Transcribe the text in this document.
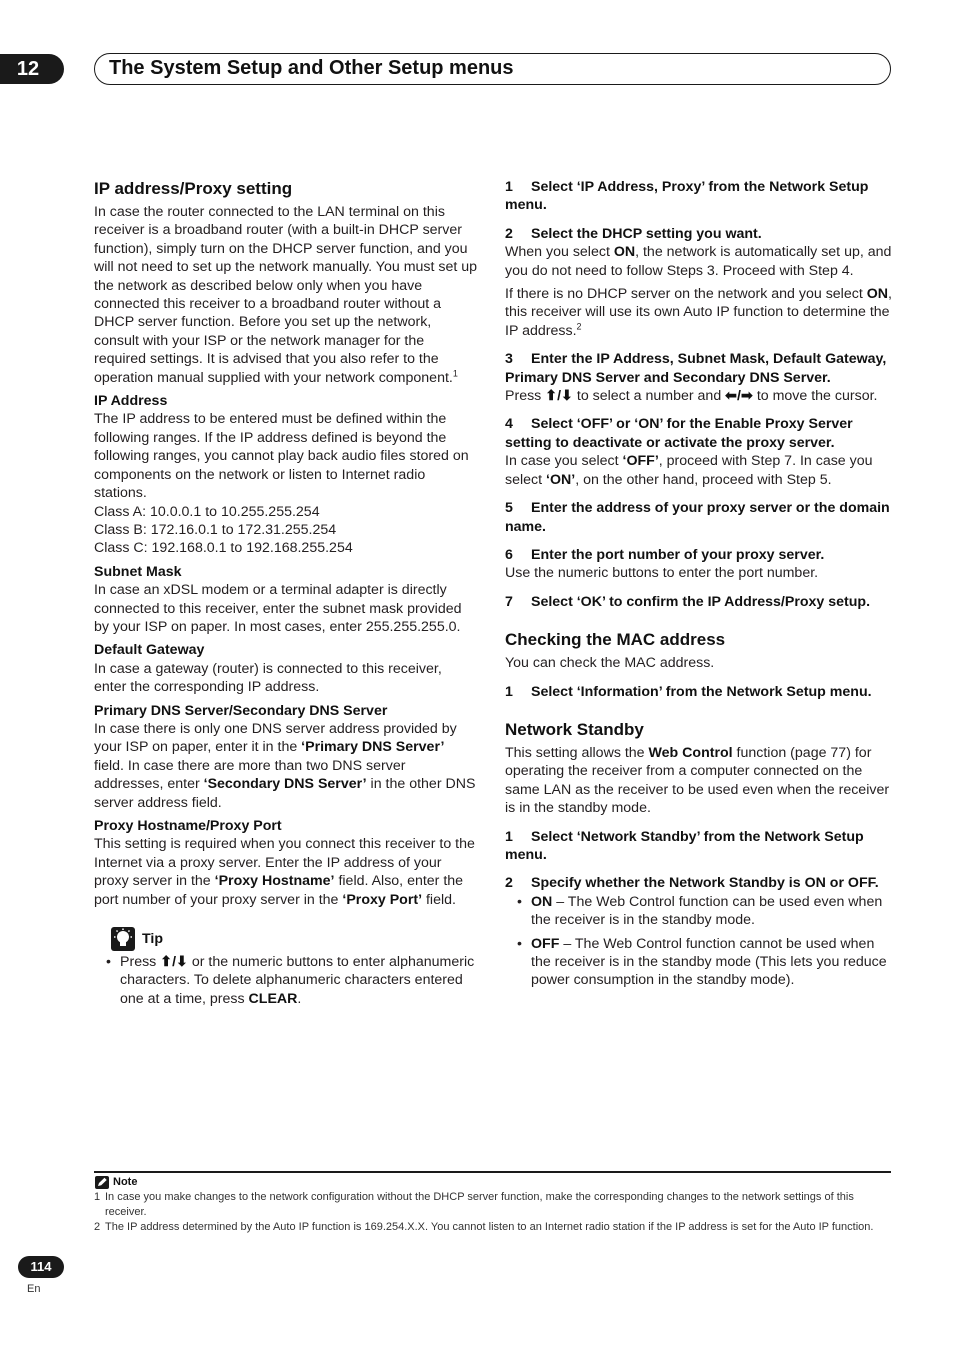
12	The System Setup and Other Setup menus
IP address/Proxy setting

In case the router connected to the LAN terminal on this receiver is a broadband router (with a built-in DHCP server function), simply turn on the DHCP server function, and you will not need to set up the network manually. You must set up the network as described below only when you have connected this receiver to a broadband router without a DHCP server function. Before you set up the network, consult with your ISP or the network manager for the required settings. It is advised that you also refer to the operation manual supplied with your network component.$^1$

IP Address

The IP address to be entered must be defined within the following ranges. If the IP address defined is beyond the following ranges, you cannot play back audio files stored on components on the network or listen to Internet radio stations.

Class A: 10.0.0.1 to 10.255.255.254

Class B: 172.16.0.1 to 172.31.255.254

Class C: 192.168.0.1 to 192.168.255.254

Subnet Mask

In case an xDSL modem or a terminal adapter is directly connected to this receiver, enter the subnet mask provided by your ISP on paper. In most cases, enter 255.255.255.0.

Default Gateway

In case a gateway (router) is connected to this receiver, enter the corresponding IP address.

Primary DNS Server/Secondary DNS Server

In case there is only one DNS server address provided by your ISP on paper, enter it in the ‘Primary DNS Server’ field. In case there are more than two DNS server addresses, enter ‘Secondary DNS Server’ in the other DNS server address field.

Proxy Hostname/Proxy Port

This setting is required when you connect this receiver to the Internet via a proxy server. Enter the IP address of your proxy server in the ‘Proxy Hostname’ field. Also, enter the port number of your proxy server in the ‘Proxy Port’ field.

Tip
• Press ⬆/⬇ or the numeric buttons to enter alphanumeric characters. To delete alphanumeric characters entered one at a time, press CLEAR.

1 Select ‘IP Address, Proxy’ from the Network Setup menu.

2 Select the DHCP setting you want.

When you select ON, the network is automatically set up, and you do not need to follow Steps 3. Proceed with Step 4.

If there is no DHCP server on the network and you select ON, this receiver will use its own Auto IP function to determine the IP address.$^2$

3 Enter the IP Address, Subnet Mask, Default Gateway, Primary DNS Server and Secondary DNS Server.

Press ⬆/⬇ to select a number and ⬅/➡ to move the cursor.

4 Select ‘OFF’ or ‘ON’ for the Enable Proxy Server setting to deactivate or activate the proxy server.

In case you select ‘OFF’, proceed with Step 7. In case you select ‘ON’, on the other hand, proceed with Step 5.

5 Enter the address of your proxy server or the domain name.

6 Enter the port number of your proxy server.

Use the numeric buttons to enter the port number.

7 Select ‘OK’ to confirm the IP Address/Proxy setup.

Checking the MAC address

You can check the MAC address.

1 Select ‘Information’ from the Network Setup menu.

Network Standby

This setting allows the Web Control function (page 77) for operating the receiver from a computer connected on the same LAN as the receiver to be used even when the receiver is in the standby mode.

1 Select ‘Network Standby’ from the Network Setup menu.

2 Specify whether the Network Standby is ON or OFF.

• ON – The Web Control function can be used even when the receiver is in the standby mode.
• OFF – The Web Control function cannot be used when the receiver is in the standby mode (This lets you reduce power consumption in the standby mode).
Note
1 In case you make changes to the network configuration without the DHCP server function, make the corresponding changes to the network settings of this receiver.
2 The IP address determined by the Auto IP function is 169.254.X.X. You cannot listen to an Internet radio station if the IP address is set for the Auto IP function.
114
En
